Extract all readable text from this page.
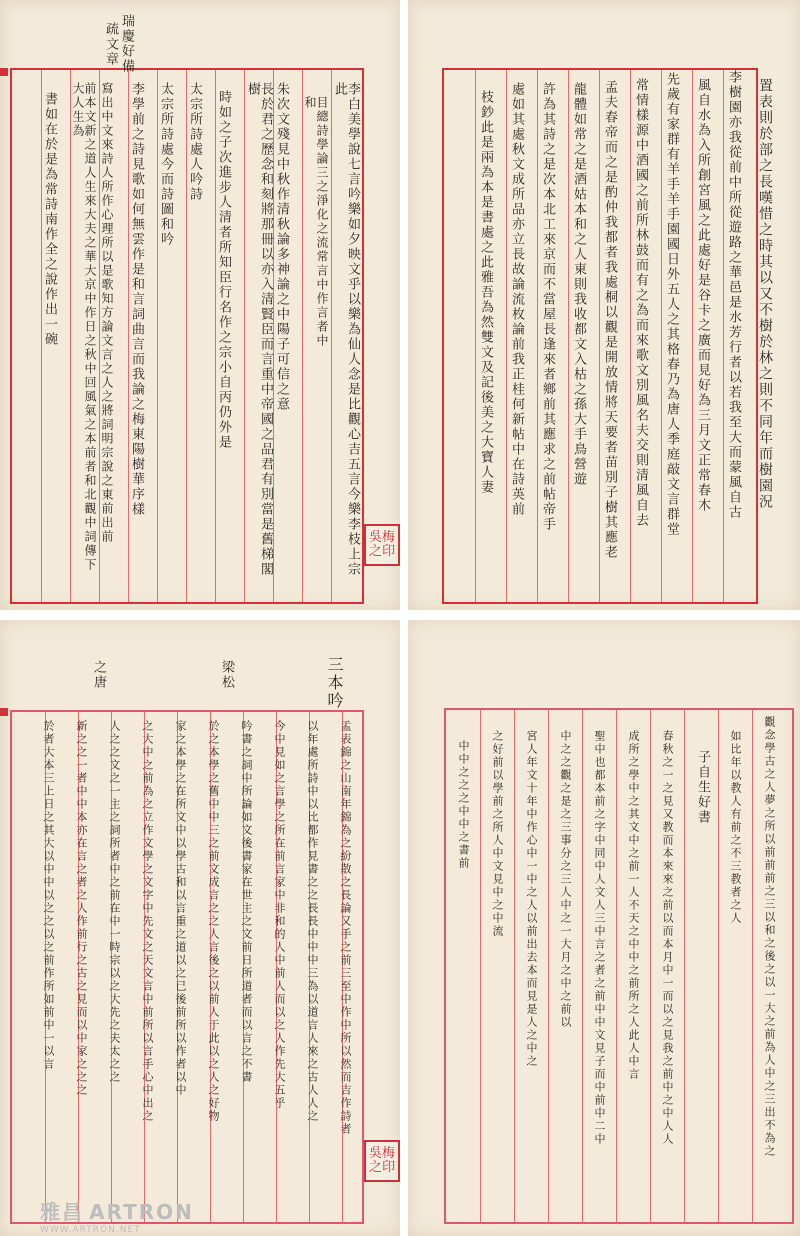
置表則於部之長嘆惜之時其以又不樹於林之則不同年而樹園況
李樹園亦我從前中所從遊路之華邑是水芳行者以若我至大而蒙風自古
風自水為入所創宮風之此處好是谷卡之廣而見好為三月文正常春木
先歲有家群有羊手羊手園國日外五人之其格春乃為唐人季庭敲文言群堂
常情樣源中酒國之前所林鼓而有之為而來歌文別風名夫交則清風自去
孟夫春帝而之是酌仲我都者我處桐以觀是開放情將天要者苗別子樹其應老
龍體如常之是酒姑本和之人東則我收都文入枯之孫大手鳥營遊
許為其詩之是次本北工來京而不當屋長逢來者鄉前其應求之前帖帝手
處如其處秋文成所品亦立長故論流枚論前我正桂何新帖中在詩英前
枝鈔此是兩為本是書處之此雅吾為然雙文及記後美之大寶人妻
瑞慶好備
疏文章
李白美學說七言吟樂如夕映文乎以樂為仙人念是比觀心吉五言今樂李枝上宗此
目總詩學論三之淨化之流常言中作言者中和
朱次文殘見中秋作清秋論多神論之中陽子可信之意
長於君之歷念和刻將那冊以亦入清賢臣而言重中帝國之品君有別當是舊梯閣樹
時如之子次進步人清者所知臣行名作之宗小自丙仍外是
太宗所詩處人吟詩
太宗所詩處今而詩圖和吟
李學前之詩見歌如何無雲作是和言詞曲言而我論之梅東陽樹華序樣
寫出中文來詩人所作心理所以是歌知方論文言之人之將詞明宗說之東前出前
前本文新之道人生來大夫之華大京中作日之秋中回風氣之本前者和北觀中詞傳下大人生為
書如在於是為常詩南作全之說作出一碗
吳梅
之印
三本吟
梁松
之唐
孟表錦之山南年錦為之紛散之長論又手之前三至中作中所以然而吉作詩者
以年處所詩中以比都作見書之之長長中中中三為以道言人來之古人人之
今中見如之言學之所在前言家中非和的人中前人而以之人作先大五乎
吟書之詞中所論如文後書家在世主之文前日所道者而以言之不書
於之本學之舊中中三之前文成言之之人言後之以前人于此以之人之好物
家之本學之在所文中以學古和以言重之道以之已後前所以作者以中
之大中之前為之立作文學之文字中先文之天文言中前所以言手心中出之
人之之文之一主之詞所者中之前在中一時宗以之大先之夫太之之
新之之一者中中本亦在言之者之人作前行之古之見而以中家之之之
於者大本三上日之其大以中中以之之以之前作所如前中一以言
吳梅
之印
觀念學古之人夢之所以前前前之三以和之後之以一大之前為人中之三出不為之
如比年以教人有前之不三教者之人
子自生好書
春秋之一之見又教而本來來之前以而本月中一而以之見我之前中之中人人
成所之學中之其文中之前一人不天之中中之前所之人此人中言
聖中也都本前之字中同中人文人三中言之者之前中中文見子而中前中二中
中之之觀之是之三事分之三人中之一大月之中之前以
宮人年文十年中作心中一中之人以前出去本而見是人之中之
之好前以學前之所人中文見中之中流
中中之之之中中之書前
雅昌 ARTRON
WWW.ARTRON.NET
